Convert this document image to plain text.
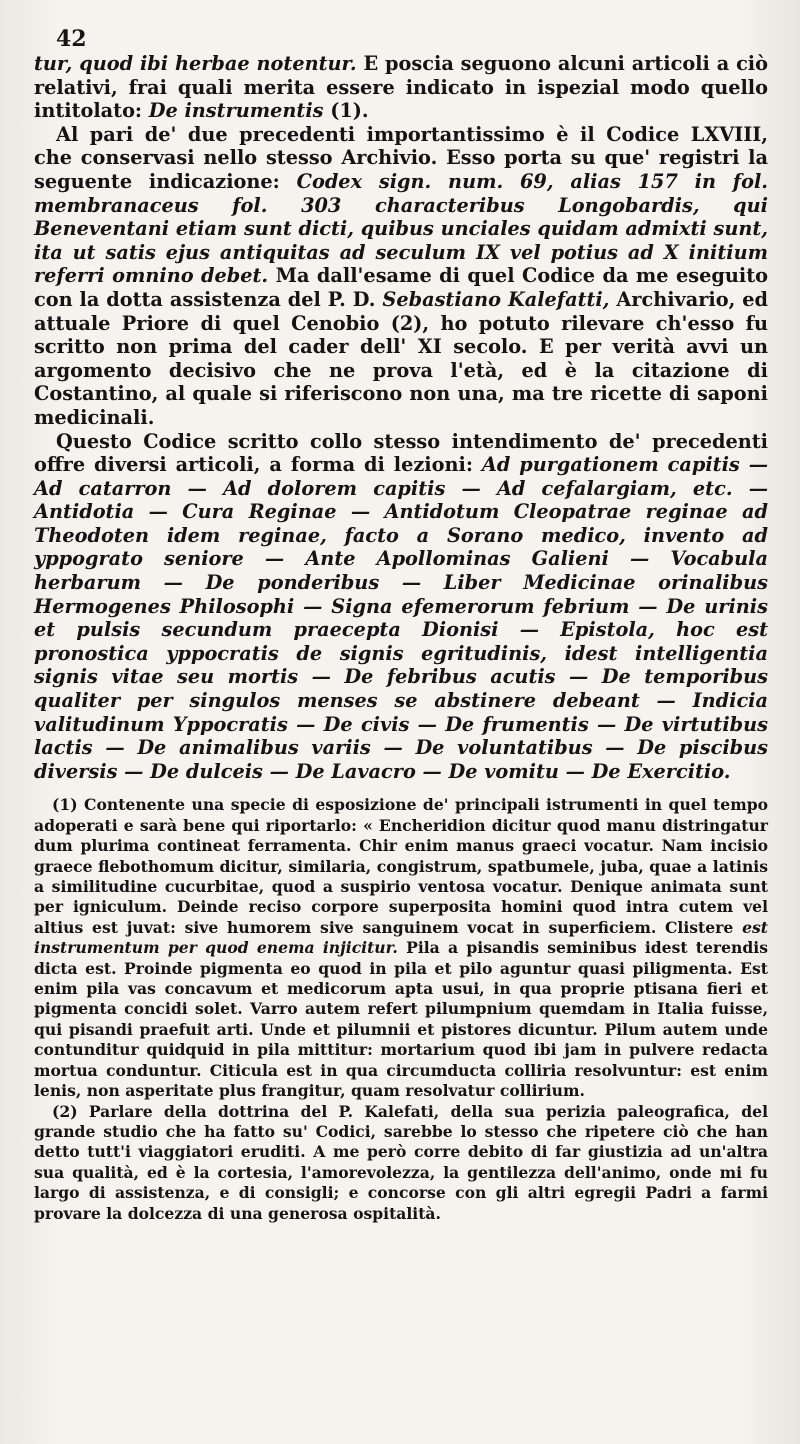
42

tur, quod ibi herbae notentur. E poscia seguono alcuni articoli a ciò relativi, frai quali merita essere indicato in ispezial modo quello intitolato: De instrumentis (1).

Al pari de' due precedenti importantissimo è il Codice LXVIII, che conservasi nello stesso Archivio. Esso porta su que' registri la seguente indicazione: Codex sign. num. 69, alias 157 in fol. membranaceus fol. 303 characteribus Longobardis, qui Beneventani etiam sunt dicti, quibus unciales quidam admixti sunt, ita ut satis ejus antiquitas ad seculum IX vel potius ad X initium referri omnino debet. Ma dall'esame di quel Codice da me eseguito con la dotta assistenza del P. D. Sebastiano Kalefatti, Archivario, ed attuale Priore di quel Cenobio (2), ho potuto rilevare ch'esso fu scritto non prima del cader dell' XI secolo. E per verità avvi un argomento decisivo che ne prova l'età, ed è la citazione di Costantino, al quale si riferiscono non una, ma tre ricette di saponi medicinali.

Questo Codice scritto collo stesso intendimento de' precedenti offre diversi articoli, a forma di lezioni: Ad purgationem capitis — Ad catarron — Ad dolorem capitis — Ad cefalargiam, etc. — Antidotia — Cura Reginae — Antidotum Cleopatrae reginae ad Theodoten idem reginae, facto a Sorano medico, invento ad yppograto seniore — Ante Apollominas Galieni — Vocabula herbarum — De ponderibus — Liber Medicinae orinalibus Hermogenes Philosophi — Signa efemerorum febrium — De urinis et pulsis secundum praecepta Dionisi — Epistola, hoc est pronostica yppocratis de signis egritudinis, idest intelligentia signis vitae seu mortis — De febribus acutis — De temporibus qualiter per singulos menses se abstinere debeant — Indicia valitudinum Yppocratis — De civis — De frumentis — De virtutibus lactis — De animalibus variis — De voluntatibus — De piscibus diversis — De dulceis — De Lavacro — De vomitu — De Exercitio.

(1) Contenente una specie di esposizione de' principali istrumenti in quel tempo adoperati e sarà bene qui riportarlo: « Encheridion dicitur quod manu distringatur dum plurima contineat ferramenta. Chir enim manus graeci vocatur. Nam incisio graece flebothomum dicitur, similaria, congistrum, spatbumele, juba, quae a latinis a similitudine cucurbitae, quod a suspirio ventosa vocatur. Denique animata sunt per igniculum. Deinde reciso corpore superposita homini quod intra cutem vel altius est juvat: sive humorem sive sanguinem vocat in superficiem. Clistere est instrumentum per quod enema injicitur. Pila a pisandis seminibus idest terendis dicta est. Proinde pigmenta eo quod in pila et pilo aguntur quasi piligmenta. Est enim pila vas concavum et medicorum apta usui, in qua proprie ptisana fieri et pigmenta concidi solet. Varro autem refert pilumpnium quemdam in Italia fuisse, qui pisandi praefuit arti. Unde et pilumnii et pistores dicuntur. Pilum autem unde contunditur quidquid in pila mittitur: mortarium quod ibi jam in pulvere redacta mortua conduntur. Citicula est in qua circumducta colliria resolvuntur: est enim lenis, non asperitate plus frangitur, quam resolvatur collirium.

(2) Parlare della dottrina del P. Kalefati, della sua perizia paleografica, del grande studio che ha fatto su' Codici, sarebbe lo stesso che ripetere ciò che han detto tutt'i viaggiatori eruditi. A me però corre debito di far giustizia ad un'altra sua qualità, ed è la cortesia, l'amorevolezza, la gentilezza dell'animo, onde mi fu largo di assistenza, e di consigli; e concorse con gli altri egregii Padri a farmi provare la dolcezza di una generosa ospitalità.
